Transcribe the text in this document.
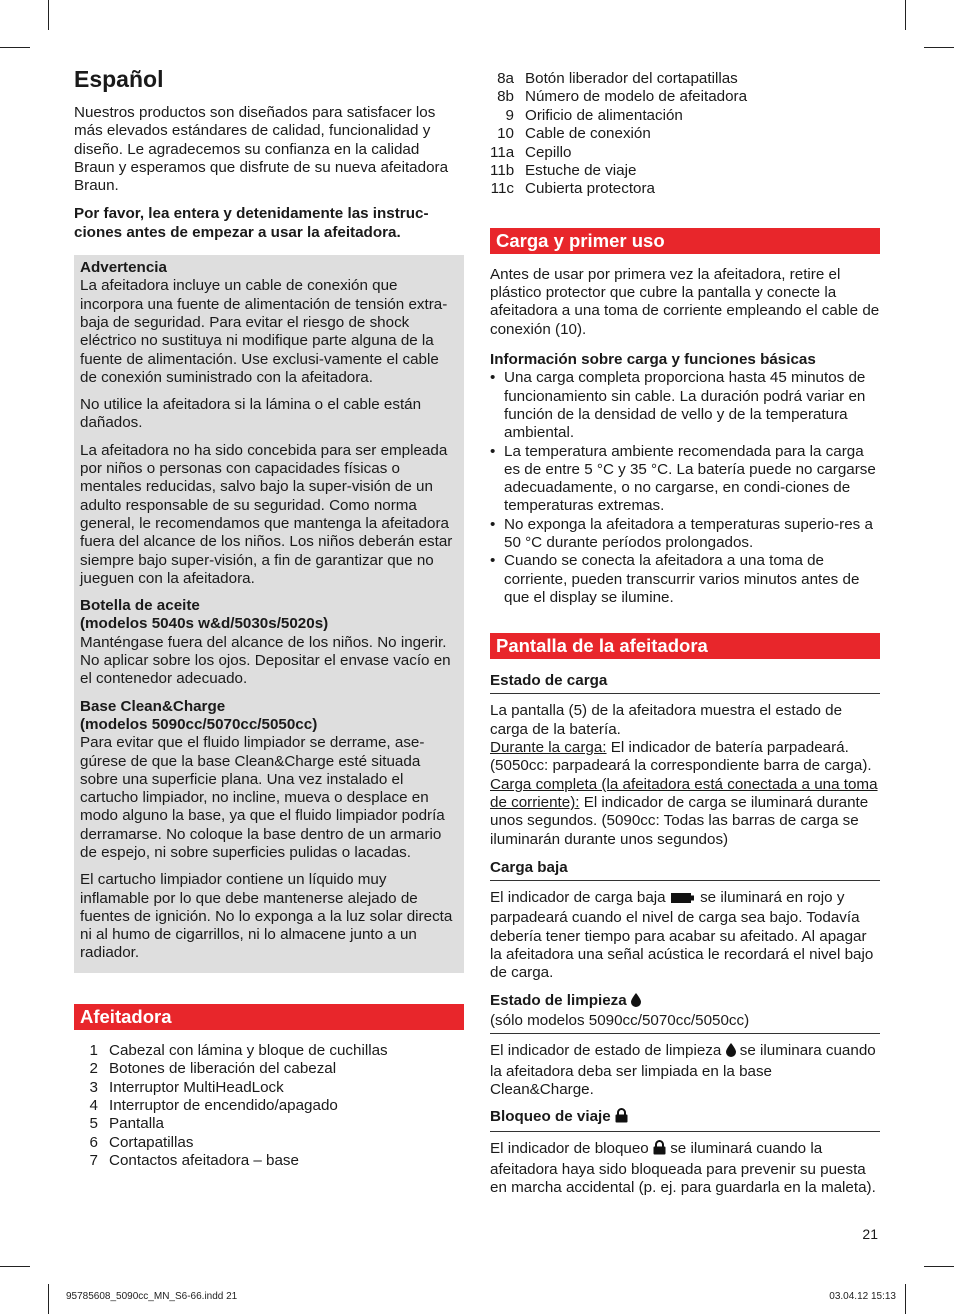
Español

Nuestros productos son diseñados para satisfacer los más elevados estándares de calidad, funcionalidad y diseño. Le agradecemos su confianza en la calidad Braun y esperamos que disfrute de su nueva afeitadora Braun.

Por favor, lea entera y detenidamente las instruc-ciones antes de empezar a usar la afeitadora.

Advertencia

La afeitadora incluye un cable de conexión que incorpora una fuente de alimentación de tensión extra-baja de seguridad. Para evitar el riesgo de shock eléctrico no sustituya ni modifique parte alguna de la fuente de alimentación. Use exclusi-vamente el cable de conexión suministrado con la afeitadora.

No utilice la afeitadora si la lámina o el cable están dañados.

La afeitadora no ha sido concebida para ser empleada por niños o personas con capacidades físicas o mentales reducidas, salvo bajo la super-visión de un adulto responsable de su seguridad. Como norma general, le recomendamos que mantenga la afeitadora fuera del alcance de los niños. Los niños deberán estar siempre bajo super-visión, a fin de garantizar que no jueguen con la afeitadora.

Botella de aceite

(modelos 5040s w&d/5030s/5020s)

Manténgase fuera del alcance de los niños. No ingerir. No aplicar sobre los ojos. Depositar el envase vacío en el contenedor adecuado.

Base Clean&Charge

(modelos 5090cc/5070cc/5050cc)

Para evitar que el fluido limpiador se derrame, ase-gúrese de que la base Clean&Charge esté situada sobre una superficie plana. Una vez instalado el cartucho limpiador, no incline, mueva o desplace en modo alguno la base, ya que el fluido limpiador podría derramarse. No coloque la base dentro de un armario de espejo, ni sobre superficies pulidas o lacadas.

El cartucho limpiador contiene un líquido muy inflamable por lo que debe mantenerse alejado de fuentes de ignición. No lo exponga a la luz solar directa ni al humo de cigarrillos, ni lo almacene junto a un radiador.

Afeitadora
1 Cabezal con lámina y bloque de cuchillas
2 Botones de liberación del cabezal
3 Interruptor MultiHeadLock
4 Interruptor de encendido/apagado
5 Pantalla
6 Cortapatillas
7 Contactos afeitadora – base
8a Botón liberador del cortapatillas
8b Número de modelo de afeitadora
9 Orificio de alimentación
10 Cable de conexión
11a Cepillo
11b Estuche de viaje
11c Cubierta protectora
Carga y primer uso

Antes de usar por primera vez la afeitadora, retire el plástico protector que cubre la pantalla y conecte la afeitadora a una toma de corriente empleando el cable de conexión (10).

Información sobre carga y funciones básicas

• Una carga completa proporciona hasta 45 minutos de funcionamiento sin cable. La duración podrá variar en función de la densidad de vello y de la temperatura ambiental.
• La temperatura ambiente recomendada para la carga es de entre 5 °C y 35 °C. La batería puede no cargarse adecuadamente, o no cargarse, en condi-ciones de temperaturas extremas.
• No exponga la afeitadora a temperaturas superio-res a 50 °C durante períodos prolongados.
• Cuando se conecta la afeitadora a una toma de corriente, pueden transcurrir varios minutos antes de que el display se ilumine.
Pantalla de la afeitadora

Estado de carga

La pantalla (5) de la afeitadora muestra el estado de carga de la batería.

Durante la carga: El indicador de batería parpadeará. (5050cc: parpadeará la correspondiente barra de carga).

Carga completa (la afeitadora está conectada a una toma de corriente): El indicador de carga se iluminará durante unos segundos. (5090cc: Todas las barras de carga se iluminarán durante unos segundos)

Carga baja

El indicador de carga baja  se iluminará en rojo y parpadeará cuando el nivel de carga sea bajo. Todavía debería tener tiempo para acabar su afeitado. Al apagar la afeitadora una señal acústica le recordará el nivel bajo de carga.

Estado de limpieza

(sólo modelos 5090cc/5070cc/5050cc)

El indicador de estado de limpieza  se iluminara cuando la afeitadora deba ser limpiada en la base Clean&Charge.

Bloqueo de viaje

El indicador de bloqueo  se iluminará cuando la afeitadora haya sido bloqueada para prevenir su puesta en marcha accidental (p. ej. para guardarla en la maleta).

21
95785608_5090cc_MN_S6-66.indd 21	03.04.12 15:13
